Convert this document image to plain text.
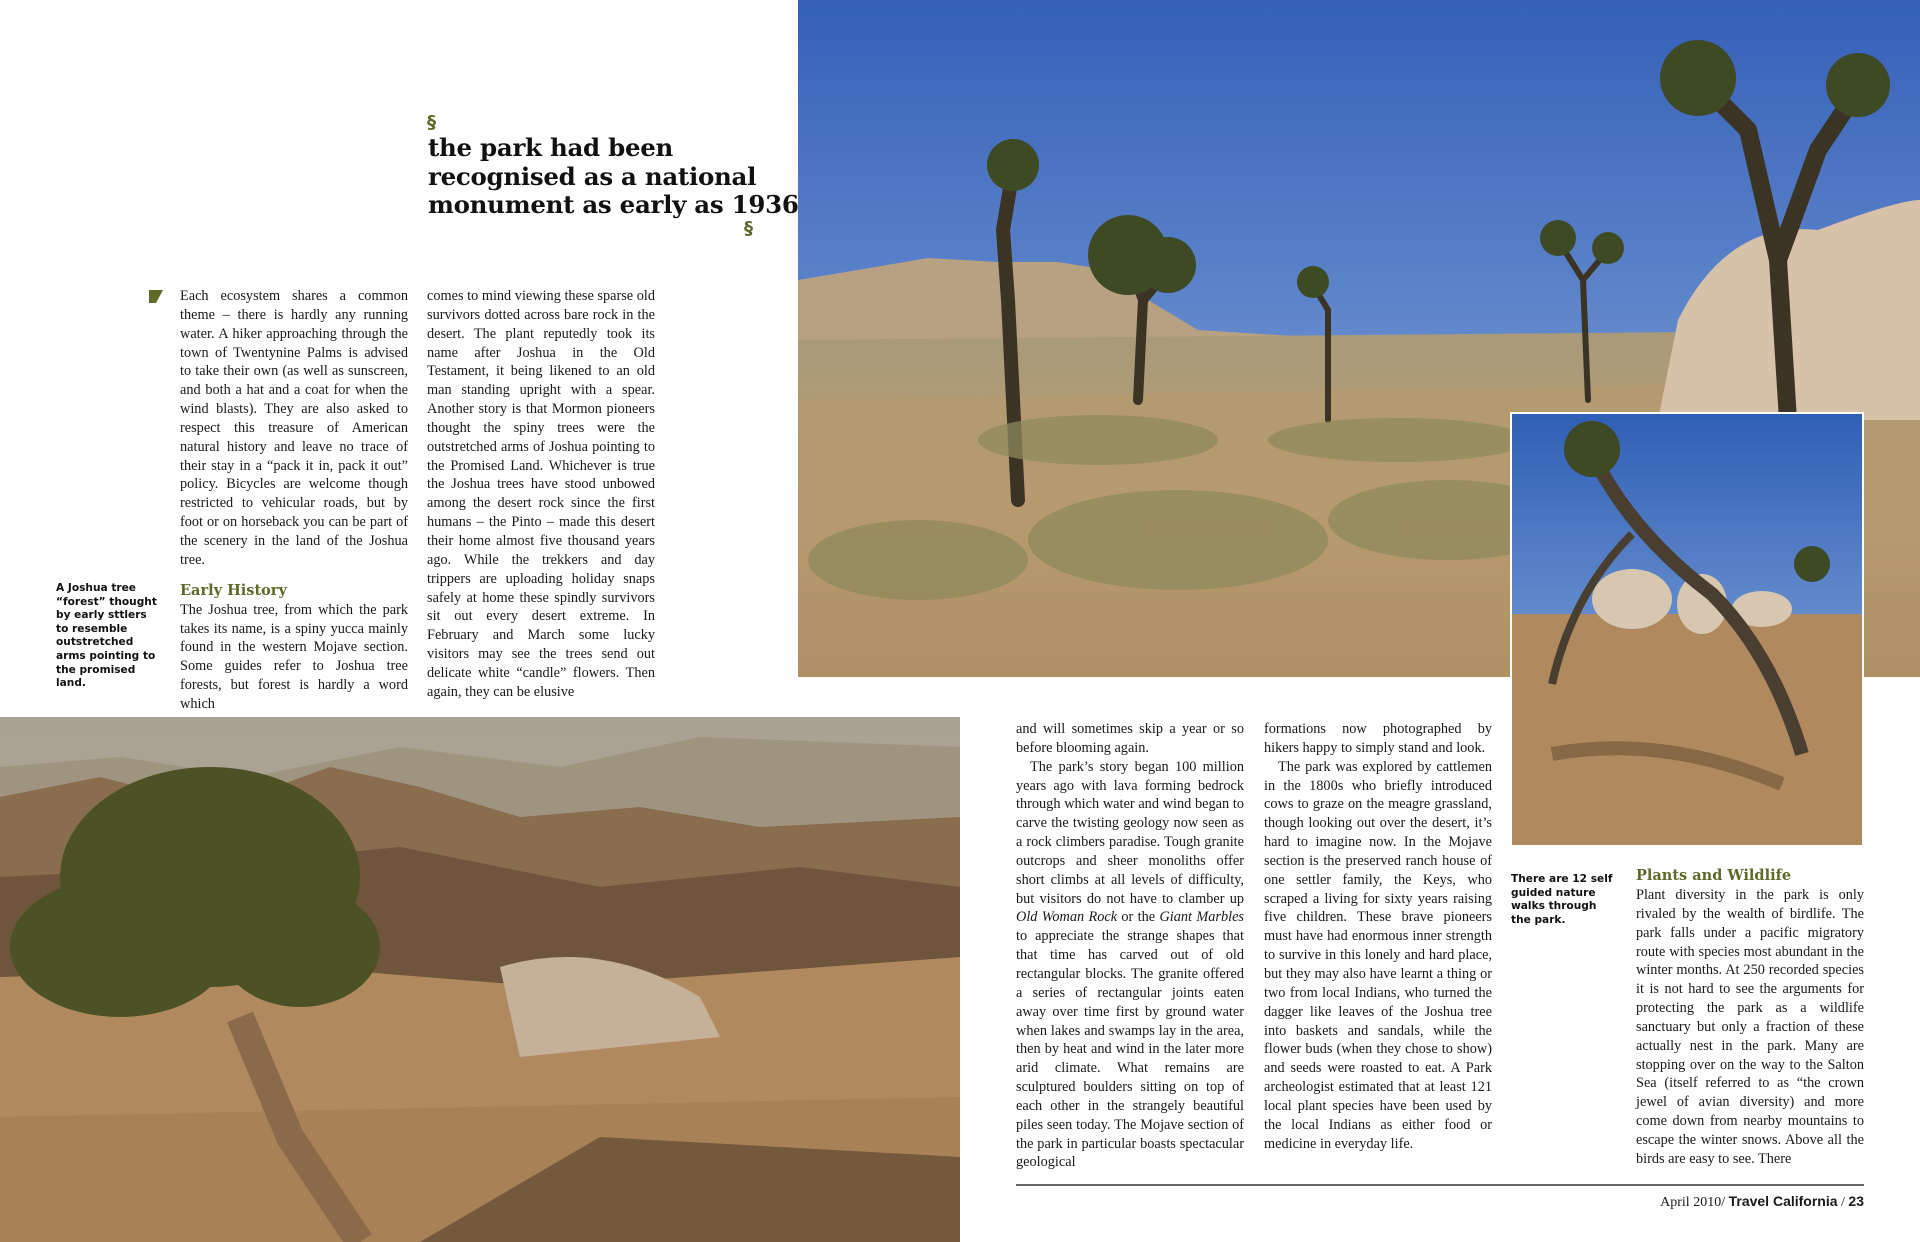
§
the park had been
recognised as a national
monument as early as 1936
§
A Joshua tree “forest” thought by early sttlers to resemble outstretched arms pointing to the promised land.

Each ecosystem shares a common theme – there is hardly any running water. A hiker approaching through the town of Twentynine Palms is advised to take their own (as well as sunscreen, and both a hat and a coat for when the wind blasts). They are also asked to respect this treasure of American natural history and leave no trace of their stay in a “pack it in, pack it out” policy. Bicycles are welcome though restricted to vehicular roads, but by foot or on horseback you can be part of the scenery in the land of the Joshua tree.

Early History

The Joshua tree, from which the park takes its name, is a spiny yucca mainly found in the western Mojave section. Some guides refer to Joshua tree forests, but forest is hardly a word which

comes to mind viewing these sparse old survivors dotted across bare rock in the desert. The plant reputedly took its name after Joshua in the Old Testament, it being likened to an old man standing upright with a spear. Another story is that Mormon pioneers thought the spiny trees were the outstretched arms of Joshua pointing to the Promised Land. Whichever is true the Joshua trees have stood unbowed among the desert rock since the first humans – the Pinto – made this desert their home almost five thousand years ago. While the trekkers and day trippers are uploading holiday snaps safely at home these spindly survivors sit out every desert extreme. In February and March some lucky visitors may see the trees send out delicate white “candle” flowers. Then again, they can be elusive

and will sometimes skip a year or so before blooming again.

The park’s story began 100 million years ago with lava forming bedrock through which water and wind began to carve the twisting geology now seen as a rock climbers paradise. Tough granite outcrops and sheer monoliths offer short climbs at all levels of difficulty, but visitors do not have to clamber up Old Woman Rock or the Giant Marbles to appreciate the strange shapes that that time has carved out of old rectangular blocks. The granite offered a series of rectangular joints eaten away over time first by ground water when lakes and swamps lay in the area, then by heat and wind in the later more arid climate. What remains are sculptured boulders sitting on top of each other in the strangely beautiful piles seen today. The Mojave section of the park in particular boasts spectacular geological

formations now photographed by hikers happy to simply stand and look.

The park was explored by cattlemen in the 1800s who briefly introduced cows to graze on the meagre grassland, though looking out over the desert, it’s hard to imagine now. In the Mojave section is the preserved ranch house of one settler family, the Keys, who scraped a living for sixty years raising five children. These brave pioneers must have had enormous inner strength to survive in this lonely and hard place, but they may also have learnt a thing or two from local Indians, who turned the dagger like leaves of the Joshua tree into baskets and sandals, while the flower buds (when they chose to show) and seeds were roasted to eat. A Park archeologist estimated that at least 121 local plant species have been used by the local Indians as either food or medicine in everyday life.

There are 12 self guided nature walks through the park.
Plants and Wildlife

Plant diversity in the park is only rivaled by the wealth of birdlife. The park falls under a pacific migratory route with species most abundant in the winter months. At 250 recorded species it is not hard to see the arguments for protecting the park as a wildlife sanctuary but only a fraction of these actually nest in the park. Many are stopping over on the way to the Salton Sea (itself referred to as “the crown jewel of avian diversity) and more come down from nearby mountains to escape the winter snows. Above all the birds are easy to see. There

April 2010/ Travel California / 23
